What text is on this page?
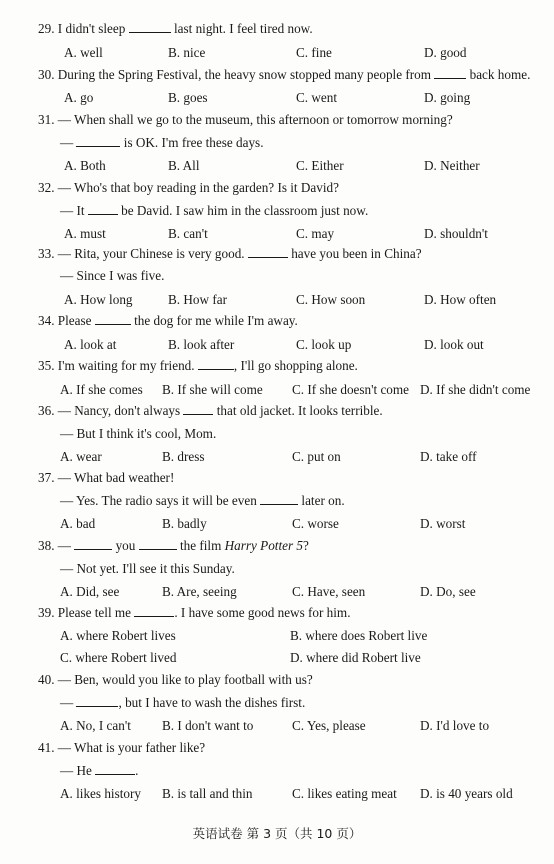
29. I didn't sleep	last night. I feel tired now.
A. well	B. nice	C. fine	D. good
30. During the Spring Festival, the heavy snow stopped many people from  back home.
A. go	B. goes	C. went	D. going
31. — When shall we go to the museum, this afternoon or tomorrow morning?
—	is OK. I'm free these days.
A. Both	B. All	C. Either	D. Neither
32. — Who's that boy reading in the garden? Is it David?
— It  be David. I saw him in the classroom just now.
A. must	B. can't	C. may	D. shouldn't
33. — Rita, your Chinese is very good.	have you been in China?
— Since I was five.
A. How long	B. How far	C. How soon	D. How often
34. Please	the dog for me while I'm away.
A. look at	B. look after	C. look up	D. look out
35. I'm waiting for my friend.	, I'll go shopping alone.
A. If she comes B. If she will come C. If she doesn't come D. If she didn't come
36. — Nancy, don't always  that old jacket. It looks terrible.
— But I think it's cool, Mom.
A. wear	B. dress	C. put on	D. take off
37. — What bad weather!
— Yes. The radio says it will be even	later on.
A. bad	B. badly	C. worse	D. worst
38. —	you	the film Harry Potter 5?
— Not yet. I'll see it this Sunday.
A. Did, see	B. Are, seeing	C. Have, seen	D. Do, see
39. Please tell me	. I have some good news for him.
A. where Robert lives	B. where does Robert live
C. where Robert lived	D. where did Robert live
40. — Ben, would you like to play football with us?
—	, but I have to wash the dishes first.
A. No, I can't B. I don't want to	C. Yes, please	D. I'd love to
41. — What is your father like?
— He	.
A. likes history B. is tall and thin	C. likes eating meat D. is 40 years old
英语试卷 第 3 页（共 10 页）
